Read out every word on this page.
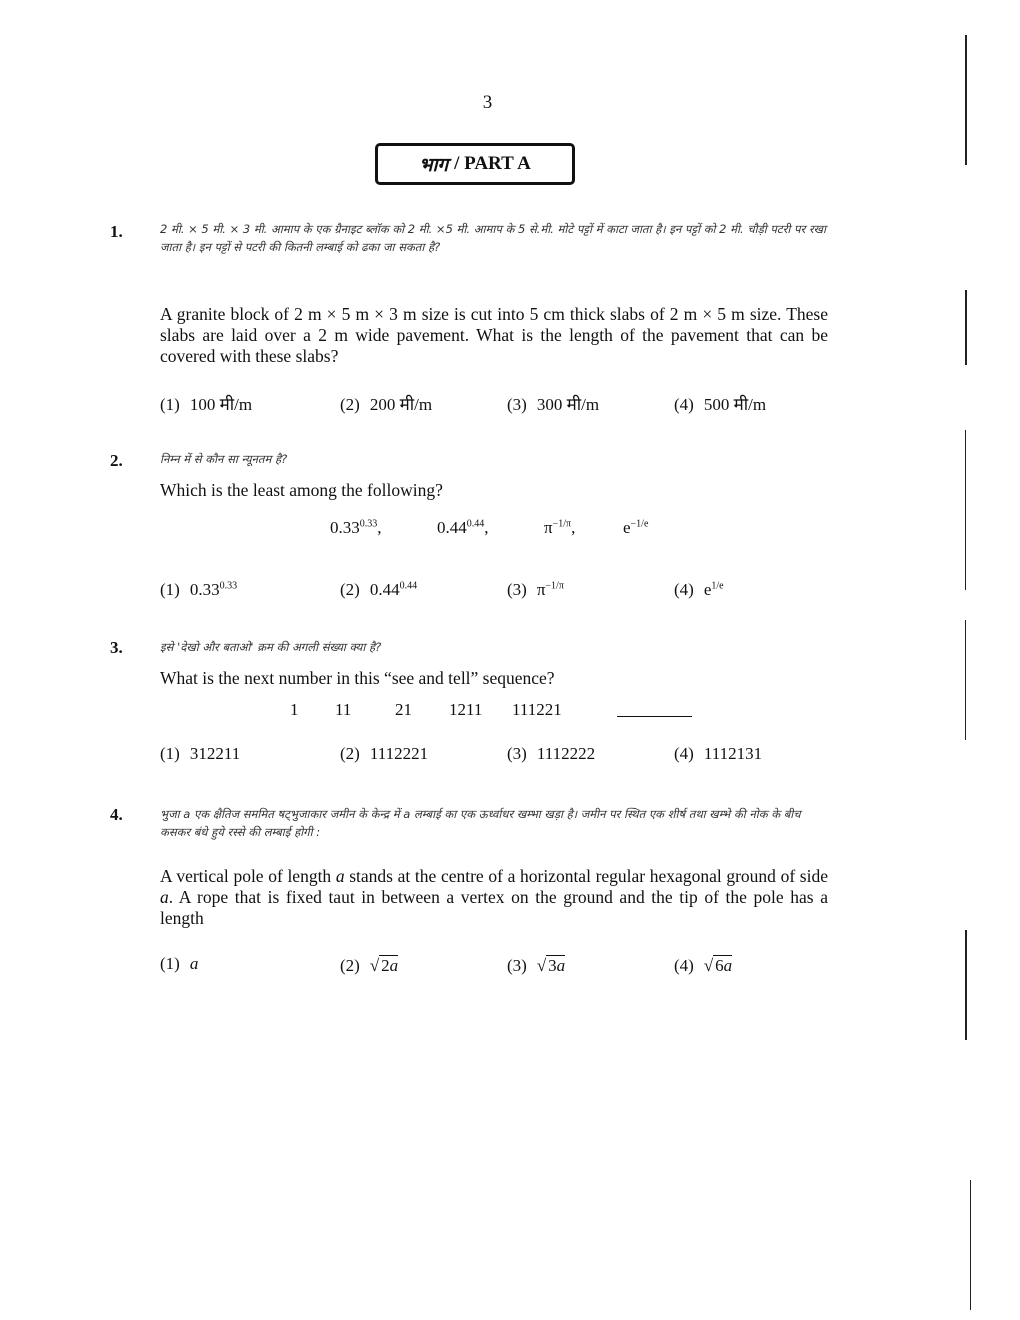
3
भाग / PART A
1.	2 मी. × 5 मी. × 3 मी. आमाप के एक ग्रैनाइट ब्लॉक को 2 मी. ×5 मी. आमाप के 5 से.मी. मोटे पट्टों में काटा जाता है। इन पट्टों को 2 मी. चौड़ी पटरी पर रखा जाता है। इन पट्टों से पटरी की कितनी लम्बाई को ढका जा सकता है?
A granite block of 2 m × 5 m × 3 m size is cut into 5 cm thick slabs of 2 m × 5 m size. These slabs are laid over a 2 m wide pavement. What is the length of the pavement that can be covered with these slabs?
(1) 100 मी/m	(2) 200 मी/m	(3) 300 मी/m	(4) 500 मी/m
2.	निम्न में से कौन सा न्यूनतम है?
Which is the least among the following?
$0.33^{0.33}$,	$0.44^{0.44}$,	$\pi^{-1/\pi}$,	$e^{-1/e}$
(1) $0.33^{0.33}$	(2) $0.44^{0.44}$	(3) $\pi^{-1/\pi}$	(4) $e^{1/e}$
3.	इसे 'देखो और बताओ' क्रम की अगली संख्या क्या है?
What is the next number in this “see and tell” sequence?
1 11	21 1211 111221
(1) 312211	(2) 1112221	(3) 1112222	(4) 1112131
4.	भुजा a एक क्षैतिज सममित षट्भुजाकार जमीन के केन्द्र में a लम्बाई का एक ऊर्ध्वाधर खम्भा खड़ा है। जमीन पर स्थित एक शीर्ष तथा खम्भे की नोक के बीच कसकर बंधे हुये रस्से की लम्बाई होगी :
A vertical pole of length a stands at the centre of a horizontal regular hexagonal ground of side a. A rope that is fixed taut in between a vertex on the ground and the tip of the pole has a length
(1) a	(2) √ 2a	(3) √ 3a	(4) √ 6a
